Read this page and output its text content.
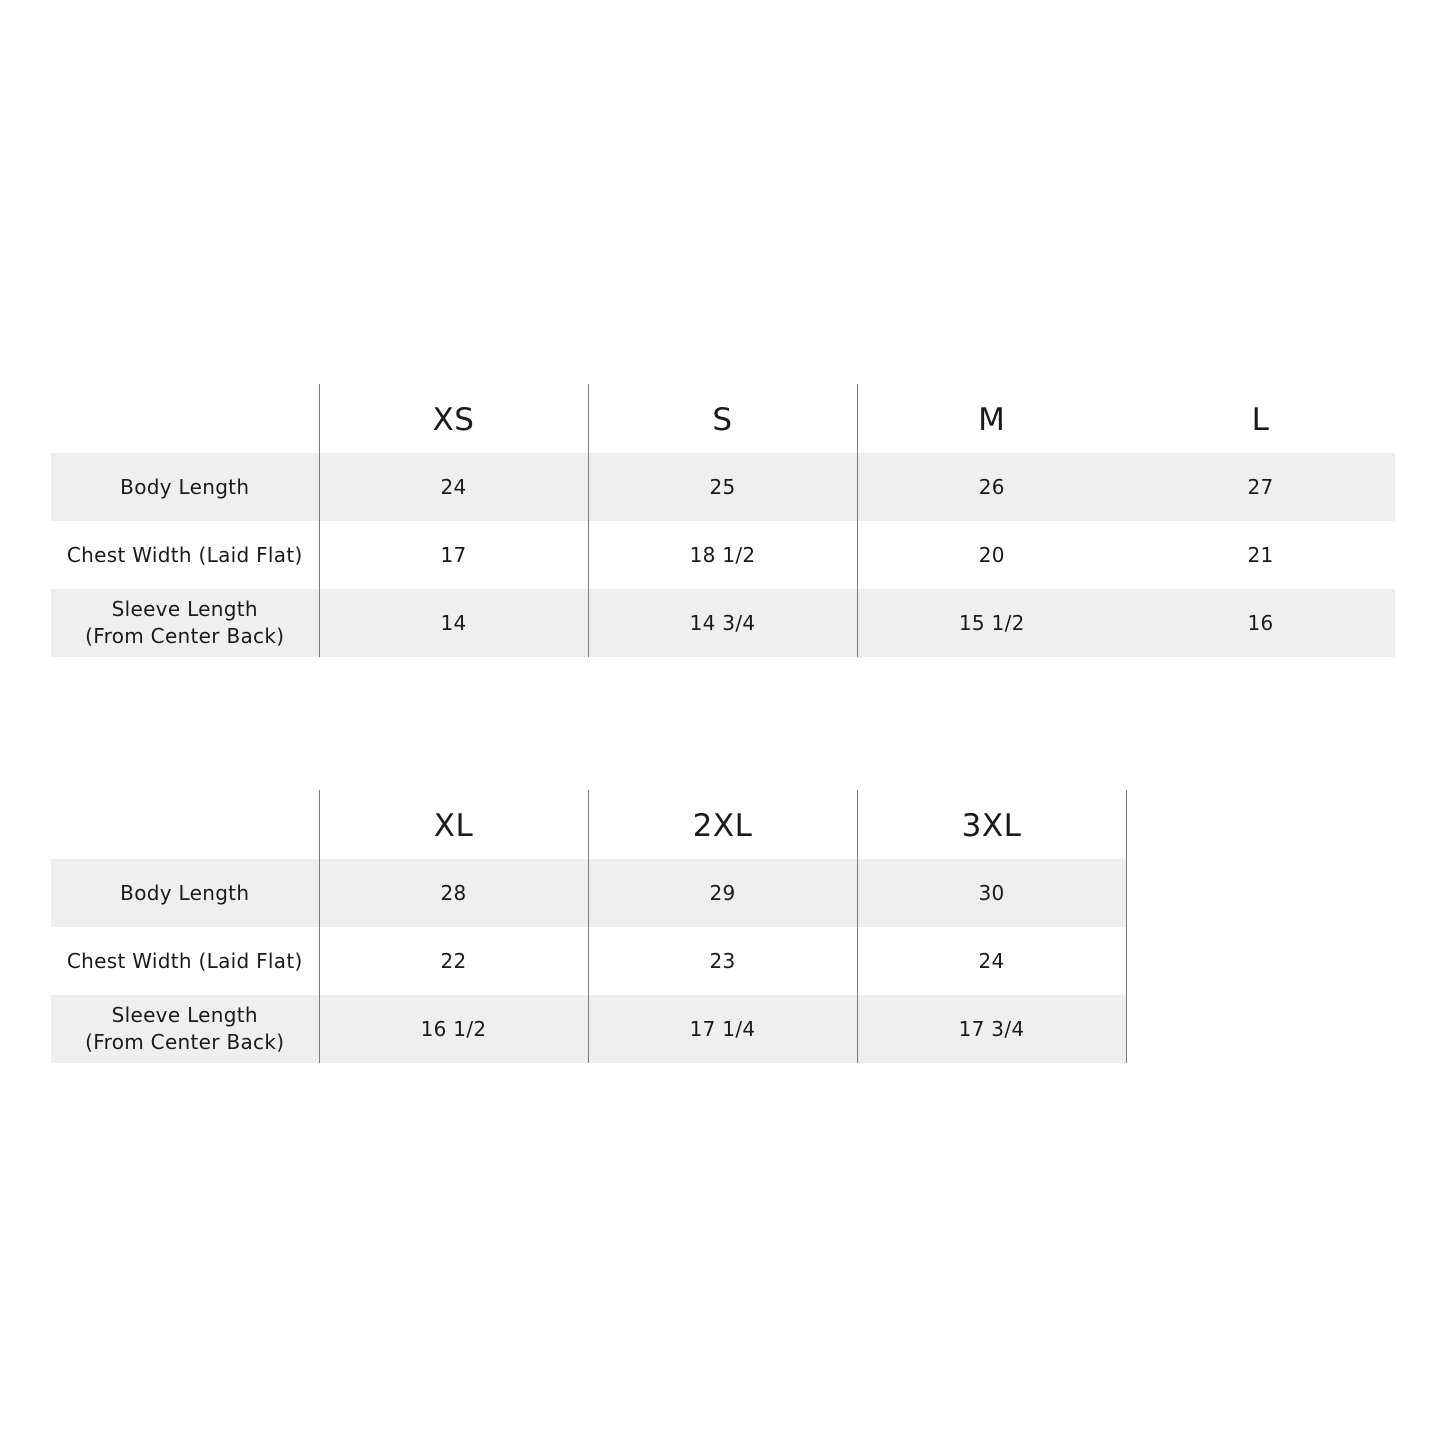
	XS	S	M	L
Body Length	24	25	26	27
Chest Width (Laid Flat)	17	18 1/2	20	21
Sleeve Length
(From Center Back)	14	14 3/4	15 1/2	16
	XL	2XL	3XL
Body Length	28	29	30
Chest Width (Laid Flat)	22	23	24
Sleeve Length
(From Center Back)	16 1/2	17 1/4	17 3/4
